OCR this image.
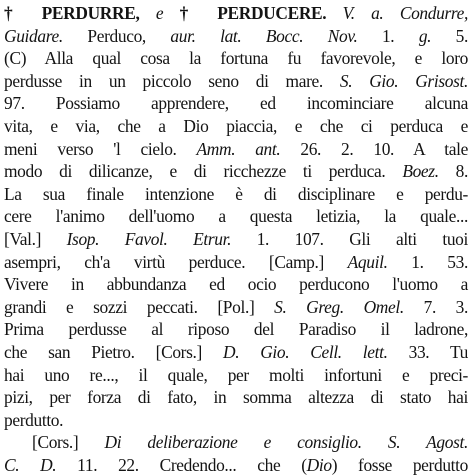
† PERDURRE, e † PERDUCERE. V. a. Condurre,
Guidare. Perduco, aur. lat. Bocc. Nov. 1. g. 5.
(C) Alla qual cosa la fortuna fu favorevole, e loro
perdusse in un piccolo seno di mare. S. Gio. Grisost.
97. Possiamo apprendere, ed incominciare alcuna
vita, e via, che a Dio piaccia, e che ci perduca e
meni verso 'l cielo. Amm. ant. 26. 2. 10. A tale
modo di dilicanze, e di ricchezze ti perduca. Boez. 8.
La sua finale intenzione è di disciplinare e perdu-
cere l'animo dell'uomo a questa letizia, la quale...
[Val.] Isop. Favol. Etrur. 1. 107. Gli alti tuoi
asempri, ch'a virtù perduce. [Camp.] Aquil. 1. 53.
Vivere in abbundanza ed ocio perducono l'uomo a
grandi e sozzi peccati. [Pol.] S. Greg. Omel. 7. 3.
Prima perdusse al riposo del Paradiso il ladrone,
che san Pietro. [Cors.] D. Gio. Cell. lett. 33. Tu
hai uno re..., il quale, per molti infortuni e preci-
pizi, per forza di fato, in somma altezza di stato hai
perdutto.
[Cors.] Di deliberazione e consiglio. S. Agost.
C. D. 11. 22. Credendo... che (Dio) fosse perdutto
